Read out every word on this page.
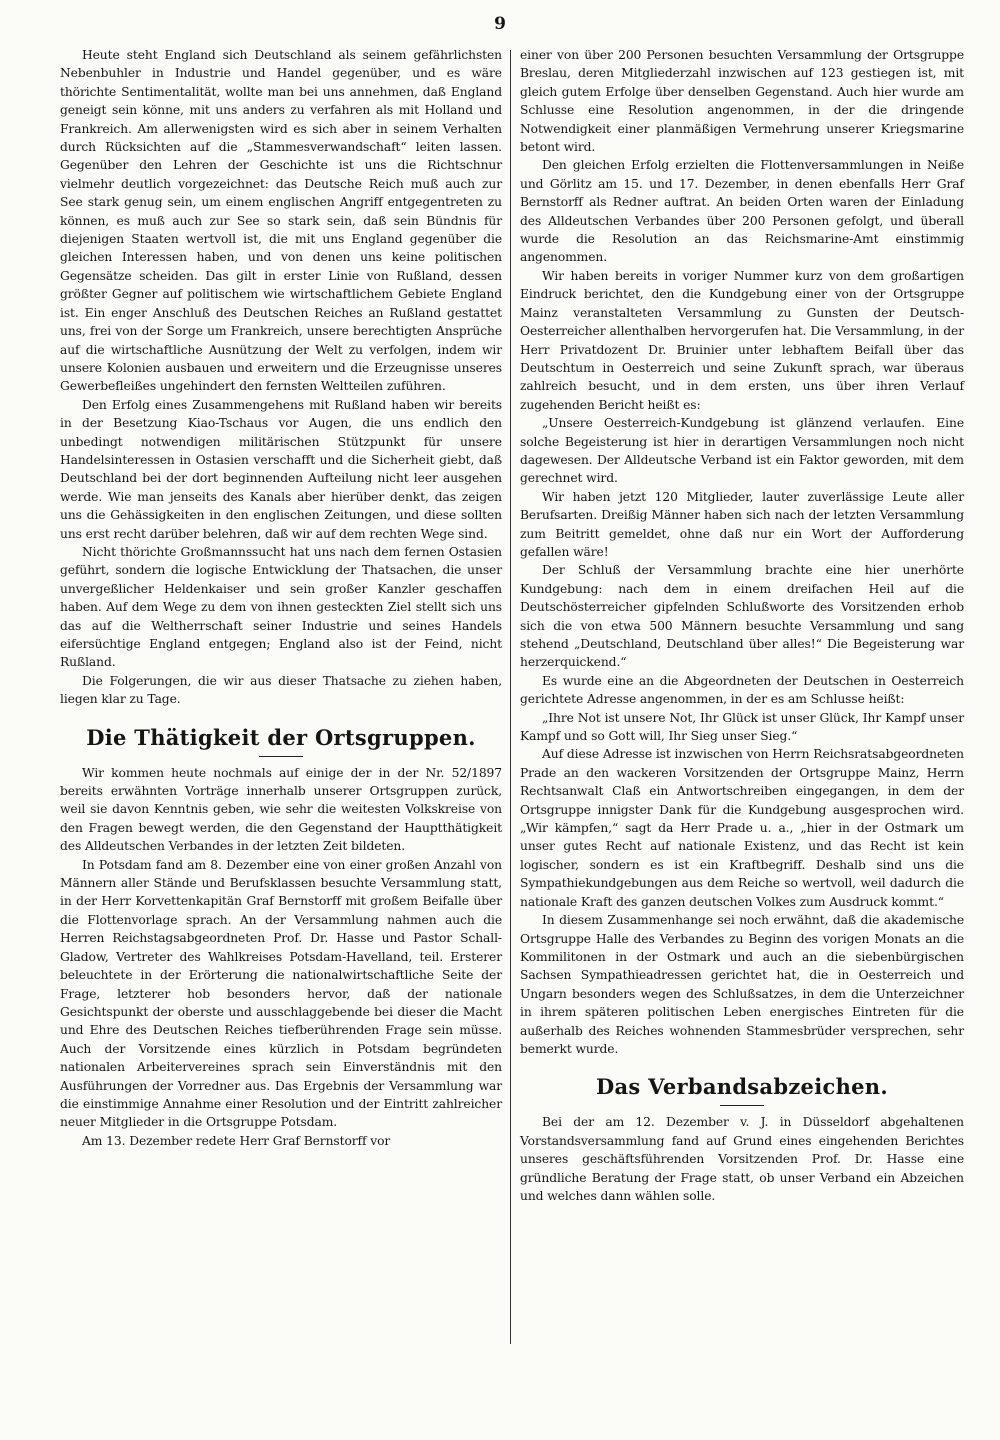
9

Heute steht England sich Deutschland als seinem gefährlichsten Nebenbuhler in Industrie und Handel gegenüber, und es wäre thörichte Sentimentalität, wollte man bei uns annehmen, daß England geneigt sein könne, mit uns anders zu verfahren als mit Holland und Frankreich. Am allerwenigsten wird es sich aber in seinem Verhalten durch Rücksichten auf die „Stammesverwandschaft“ leiten lassen. Gegenüber den Lehren der Geschichte ist uns die Richtschnur vielmehr deutlich vorgezeichnet: das Deutsche Reich muß auch zur See stark genug sein, um einem englischen Angriff entgegentreten zu können, es muß auch zur See so stark sein, daß sein Bündnis für diejenigen Staaten wertvoll ist, die mit uns England gegenüber die gleichen Interessen haben, und von denen uns keine politischen Gegensätze scheiden. Das gilt in erster Linie von Rußland, dessen größter Gegner auf politischem wie wirtschaftlichem Gebiete England ist. Ein enger Anschluß des Deutschen Reiches an Rußland gestattet uns, frei von der Sorge um Frankreich, unsere berechtigten Ansprüche auf die wirtschaftliche Ausnützung der Welt zu verfolgen, indem wir unsere Kolonien ausbauen und erweitern und die Erzeugnisse unseres Gewerbefleißes ungehindert den fernsten Weltteilen zuführen.

Den Erfolg eines Zusammengehens mit Rußland haben wir bereits in der Besetzung Kiao-Tschaus vor Augen, die uns endlich den unbedingt notwendigen militärischen Stützpunkt für unsere Handelsinteressen in Ostasien verschafft und die Sicherheit giebt, daß Deutschland bei der dort beginnenden Aufteilung nicht leer ausgehen werde. Wie man jenseits des Kanals aber hierüber denkt, das zeigen uns die Gehässigkeiten in den englischen Zeitungen, und diese sollten uns erst recht darüber belehren, daß wir auf dem rechten Wege sind.

Nicht thörichte Großmannssucht hat uns nach dem fernen Ostasien geführt, sondern die logische Entwicklung der Thatsachen, die unser unvergeßlicher Heldenkaiser und sein großer Kanzler geschaffen haben. Auf dem Wege zu dem von ihnen gesteckten Ziel stellt sich uns das auf die Weltherrschaft seiner Industrie und seines Handels eifersüchtige England entgegen; England also ist der Feind, nicht Rußland.

Die Folgerungen, die wir aus dieser Thatsache zu ziehen haben, liegen klar zu Tage.

Die Thätigkeit der Ortsgruppen.

Wir kommen heute nochmals auf einige der in der Nr. 52/1897 bereits erwähnten Vorträge innerhalb unserer Ortsgruppen zurück, weil sie davon Kenntnis geben, wie sehr die weitesten Volkskreise von den Fragen bewegt werden, die den Gegenstand der Hauptthätigkeit des Alldeutschen Verbandes in der letzten Zeit bildeten.

In Potsdam fand am 8. Dezember eine von einer großen Anzahl von Männern aller Stände und Berufsklassen besuchte Versammlung statt, in der Herr Korvettenkapitän Graf Bernstorff mit großem Beifalle über die Flottenvorlage sprach. An der Versammlung nahmen auch die Herren Reichstagsabgeordneten Prof. Dr. Hasse und Pastor Schall-Gladow, Vertreter des Wahlkreises Potsdam-Havelland, teil. Ersterer beleuchtete in der Erörterung die nationalwirtschaftliche Seite der Frage, letzterer hob besonders hervor, daß der nationale Gesichtspunkt der oberste und ausschlaggebende bei dieser die Macht und Ehre des Deutschen Reiches tiefberührenden Frage sein müsse. Auch der Vorsitzende eines kürzlich in Potsdam begründeten nationalen Arbeitervereines sprach sein Einverständnis mit den Ausführungen der Vorredner aus. Das Ergebnis der Versammlung war die einstimmige Annahme einer Resolution und der Eintritt zahlreicher neuer Mitglieder in die Ortsgruppe Potsdam.

Am 13. Dezember redete Herr Graf Bernstorff vor

einer von über 200 Personen besuchten Versammlung der Ortsgruppe Breslau, deren Mitgliederzahl inzwischen auf 123 gestiegen ist, mit gleich gutem Erfolge über denselben Gegenstand. Auch hier wurde am Schlusse eine Resolution angenommen, in der die dringende Notwendigkeit einer planmäßigen Vermehrung unserer Kriegsmarine betont wird.

Den gleichen Erfolg erzielten die Flottenversammlungen in Neiße und Görlitz am 15. und 17. Dezember, in denen ebenfalls Herr Graf Bernstorff als Redner auftrat. An beiden Orten waren der Einladung des Alldeutschen Verbandes über 200 Personen gefolgt, und überall wurde die Resolution an das Reichsmarine-Amt einstimmig angenommen.

Wir haben bereits in voriger Nummer kurz von dem großartigen Eindruck berichtet, den die Kundgebung einer von der Ortsgruppe Mainz veranstalteten Versammlung zu Gunsten der Deutsch-Oesterreicher allenthalben hervorgerufen hat. Die Versammlung, in der Herr Privatdozent Dr. Bruinier unter lebhaftem Beifall über das Deutschtum in Oesterreich und seine Zukunft sprach, war überaus zahlreich besucht, und in dem ersten, uns über ihren Verlauf zugehenden Bericht heißt es:

„Unsere Oesterreich-Kundgebung ist glänzend verlaufen. Eine solche Begeisterung ist hier in derartigen Versammlungen noch nicht dagewesen. Der Alldeutsche Verband ist ein Faktor geworden, mit dem gerechnet wird.

Wir haben jetzt 120 Mitglieder, lauter zuverlässige Leute aller Berufsarten. Dreißig Männer haben sich nach der letzten Versammlung zum Beitritt gemeldet, ohne daß nur ein Wort der Aufforderung gefallen wäre!

Der Schluß der Versammlung brachte eine hier unerhörte Kundgebung: nach dem in einem dreifachen Heil auf die Deutschösterreicher gipfelnden Schlußworte des Vorsitzenden erhob sich die von etwa 500 Männern besuchte Versammlung und sang stehend „Deutschland, Deutschland über alles!“ Die Begeisterung war herzerquickend.“

Es wurde eine an die Abgeordneten der Deutschen in Oesterreich gerichtete Adresse angenommen, in der es am Schlusse heißt:

„Ihre Not ist unsere Not, Ihr Glück ist unser Glück, Ihr Kampf unser Kampf und so Gott will, Ihr Sieg unser Sieg.“

Auf diese Adresse ist inzwischen von Herrn Reichsratsabgeordneten Prade an den wackeren Vorsitzenden der Ortsgruppe Mainz, Herrn Rechtsanwalt Claß ein Antwortschreiben eingegangen, in dem der Ortsgruppe innigster Dank für die Kundgebung ausgesprochen wird. „Wir kämpfen,“ sagt da Herr Prade u. a., „hier in der Ostmark um unser gutes Recht auf nationale Existenz, und das Recht ist kein logischer, sondern es ist ein Kraftbegriff. Deshalb sind uns die Sympathiekundgebungen aus dem Reiche so wertvoll, weil dadurch die nationale Kraft des ganzen deutschen Volkes zum Ausdruck kommt.“

In diesem Zusammenhange sei noch erwähnt, daß die akademische Ortsgruppe Halle des Verbandes zu Beginn des vorigen Monats an die Kommilitonen in der Ostmark und auch an die siebenbürgischen Sachsen Sympathieadressen gerichtet hat, die in Oesterreich und Ungarn besonders wegen des Schlußsatzes, in dem die Unterzeichner in ihrem späteren politischen Leben energisches Eintreten für die außerhalb des Reiches wohnenden Stammesbrüder versprechen, sehr bemerkt wurde.

Das Verbandsabzeichen.

Bei der am 12. Dezember v. J. in Düsseldorf abgehaltenen Vorstandsversammlung fand auf Grund eines eingehenden Berichtes unseres geschäftsführenden Vorsitzenden Prof. Dr. Hasse eine gründliche Beratung der Frage statt, ob unser Verband ein Abzeichen und welches dann wählen solle.
